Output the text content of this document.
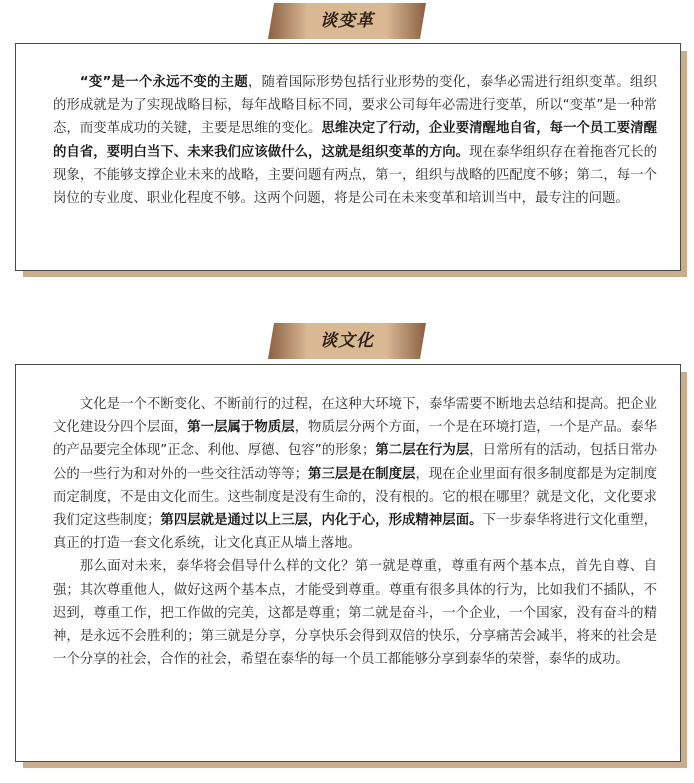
谈变革

“变”是一个永远不变的主题，随着国际形势包括行业形势的变化，泰华必需进行组织变革。组织的形成就是为了实现战略目标，每年战略目标不同，要求公司每年必需进行变革，所以“变革”是一种常态，而变革成功的关键，主要是思维的变化。思维决定了行动，企业要清醒地自省，每一个员工要清醒的自省，要明白当下、未来我们应该做什么，这就是组织变革的方向。现在泰华组织存在着拖沓冗长的现象，不能够支撑企业未来的战略，主要问题有两点，第一，组织与战略的匹配度不够；第二，每一个岗位的专业度、职业化程度不够。这两个问题，将是公司在未来变革和培训当中，最专注的问题。

谈文化

文化是一个不断变化、不断前行的过程，在这种大环境下，泰华需要不断地去总结和提高。把企业文化建设分四个层面，第一层属于物质层，物质层分两个方面，一个是在环境打造，一个是产品。泰华的产品要完全体现”正念、利他、厚德、包容”的形象；第二层在行为层，日常所有的活动，包括日常办公的一些行为和对外的一些交往活动等等；第三层是在制度层，现在企业里面有很多制度都是为定制度而定制度，不是由文化而生。这些制度是没有生命的，没有根的。它的根在哪里？就是文化，文化要求我们定这些制度；第四层就是通过以上三层，内化于心，形成精神层面。下一步泰华将进行文化重塑，真正的打造一套文化系统，让文化真正从墙上落地。

那么面对未来，泰华将会倡导什么样的文化？第一就是尊重，尊重有两个基本点，首先自尊、自强；其次尊重他人，做好这两个基本点，才能受到尊重。尊重有很多具体的行为，比如我们不插队，不迟到，尊重工作，把工作做的完美，这都是尊重；第二就是奋斗，一个企业，一个国家，没有奋斗的精神，是永远不会胜利的；第三就是分享，分享快乐会得到双倍的快乐，分享痛苦会减半，将来的社会是一个分享的社会，合作的社会，希望在泰华的每一个员工都能够分享到泰华的荣誉，泰华的成功。
